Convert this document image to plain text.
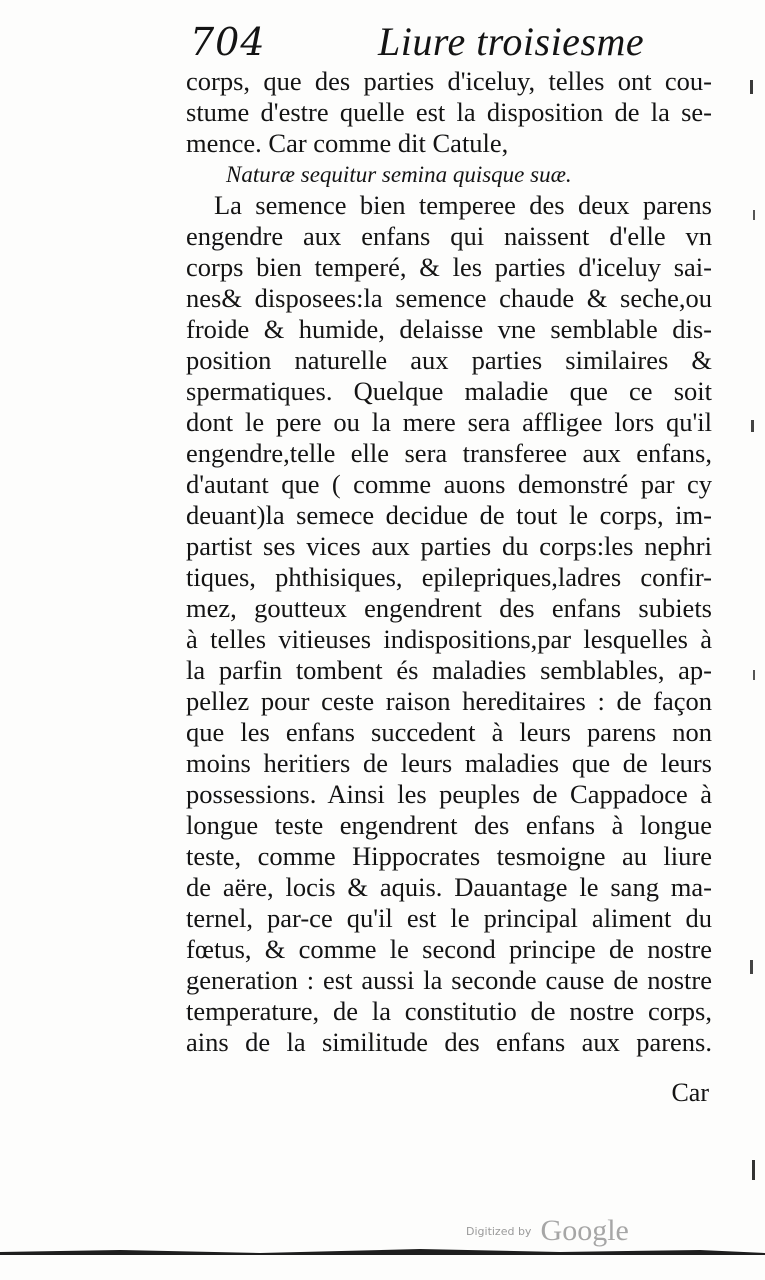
704	Liure troisiesme
corps, que des parties d'iceluy, telles ont cou-
stume d'estre quelle est la disposition de la se-
mence. Car comme dit Catule,
Naturæ sequitur semina quisque suæ.
La semence bien temperee des deux parens
engendre aux enfans qui naissent d'elle vn
corps bien temperé, & les parties d'iceluy sai-
nes& disposees:la semence chaude & seche,ou
froide & humide, delaisse vne semblable dis-
position naturelle aux parties similaires &
spermatiques. Quelque maladie que ce soit
dont le pere ou la mere sera affligee lors qu'il
engendre,telle elle sera transferee aux enfans,
d'autant que ( comme auons demonstré par cy
deuant)la semece decidue de tout le corps, im-
partist ses vices aux parties du corps:les nephri
tiques, phthisiques, epilepriques,ladres confir-
mez, goutteux engendrent des enfans subiets
à telles vitieuses indispositions,par lesquelles à
la parfin tombent és maladies semblables, ap-
pellez pour ceste raison hereditaires : de façon
que les enfans succedent à leurs parens non
moins heritiers de leurs maladies que de leurs
possessions. Ainsi les peuples de Cappadoce à
longue teste engendrent des enfans à longue
teste, comme Hippocrates tesmoigne au liure
de aëre, locis & aquis. Dauantage le sang ma-
ternel, par-ce qu'il est le principal aliment du
fœtus, & comme le second principe de nostre
generation : est aussi la seconde cause de nostre
temperature, de la constitutio de nostre corps,
ains de la similitude des enfans aux parens.
Car
Digitized by Google
